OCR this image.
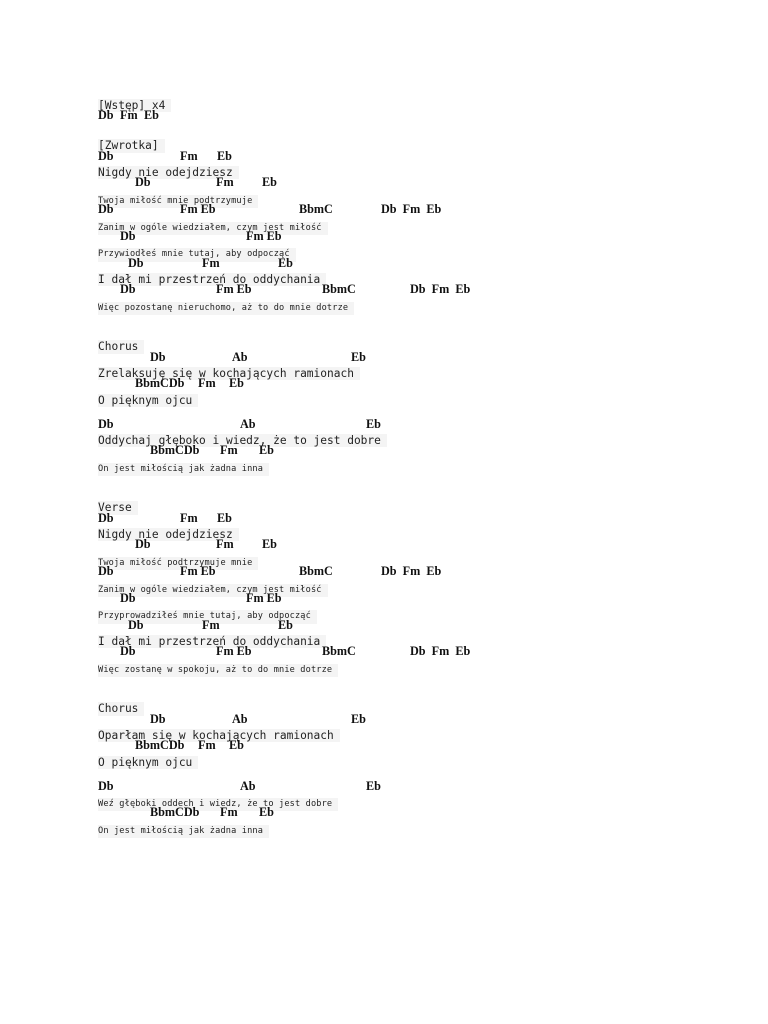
[Wstęp] x4
Db Fm Eb
[Zwrotka]
Db	Fm Eb
Nigdy nie odejdziesz
Db	Fm Eb
Twoja miłość mnie podtrzymuje
Db	Fm Eb	BbmC	Db  Fm  Eb
Zanim w ogóle wiedziałem, czym jest miłość
Db	Fm Eb
Przywiodłeś mnie tutaj, aby odpocząć
Db	Fm	Eb
I dał mi przestrzeń do oddychania
Db	Fm Eb	BbmC	Db  Fm  Eb
Więc pozostanę nieruchomo, aż to do mnie dotrze
Chorus
Db	Ab	Eb
Zrelaksuję się w kochających ramionach
BbmCDb Fm Eb
O pięknym ojcu
Db	Ab	Eb
Oddychaj głęboko i wiedz, że to jest dobre
BbmCDb Fm Eb
On jest miłością jak żadna inna
Verse
Db	Fm Eb
Nigdy nie odejdziesz
Db	Fm Eb
Twoja miłość podtrzymuje mnie
Db	Fm Eb	BbmC	Db  Fm  Eb
Zanim w ogóle wiedziałem, czym jest miłość
Db	Fm Eb
Przyprowadziłeś mnie tutaj, aby odpocząć
Db	Fm	Eb
I dał mi przestrzeń do oddychania
Db	Fm Eb	BbmC	Db  Fm  Eb
Więc zostanę w spokoju, aż to do mnie dotrze
Chorus
Db	Ab	Eb
Oparłam się w kochających ramionach
BbmCDb Fm Eb
O pięknym ojcu
Db	Ab	Eb
Weź głęboki oddech i wiedz, że to jest dobre
BbmCDb Fm Eb
On jest miłością jak żadna inna
